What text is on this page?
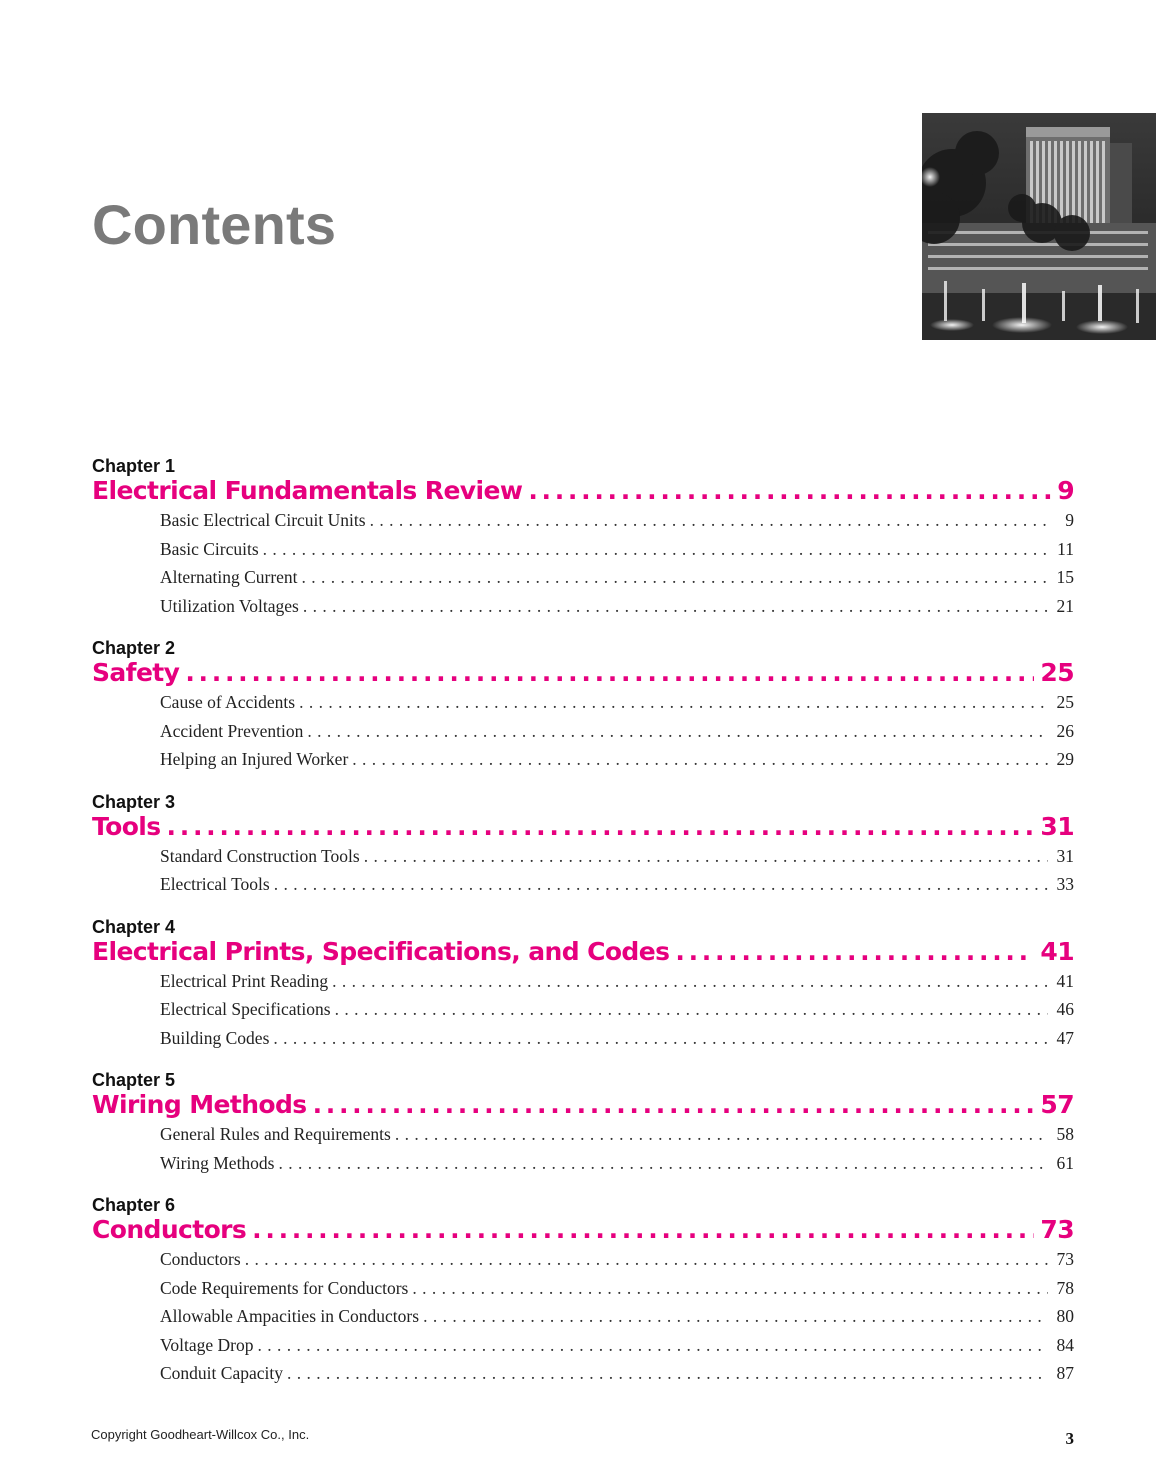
Contents
Chapter 1
Electrical Fundamentals Review . . .	9
Basic Electrical Circuit Units . . .	9
Basic Circuits . . .	11
Alternating Current . . .	15
Utilization Voltages . . .	21
Chapter 2
Safety . . .	25
Cause of Accidents . . .	25
Accident Prevention . . .	26
Helping an Injured Worker . . .	29
Chapter 3
Tools . . .	31
Standard Construction Tools . . .	31
Electrical Tools . . .	33
Chapter 4
Electrical Prints, Specifications, and Codes . . .	41
Electrical Print Reading . . .	41
Electrical Specifications . . .	46
Building Codes . . .	47
Chapter 5
Wiring Methods . . .	57
General Rules and Requirements . . .	58
Wiring Methods . . .	61
Chapter 6
Conductors . . .	73
Conductors . . .	73
Code Requirements for Conductors . . .	78
Allowable Ampacities in Conductors . . .	80
Voltage Drop . . .	84
Conduit Capacity . . .	87
Copyright Goodheart-Willcox Co., Inc.	3
